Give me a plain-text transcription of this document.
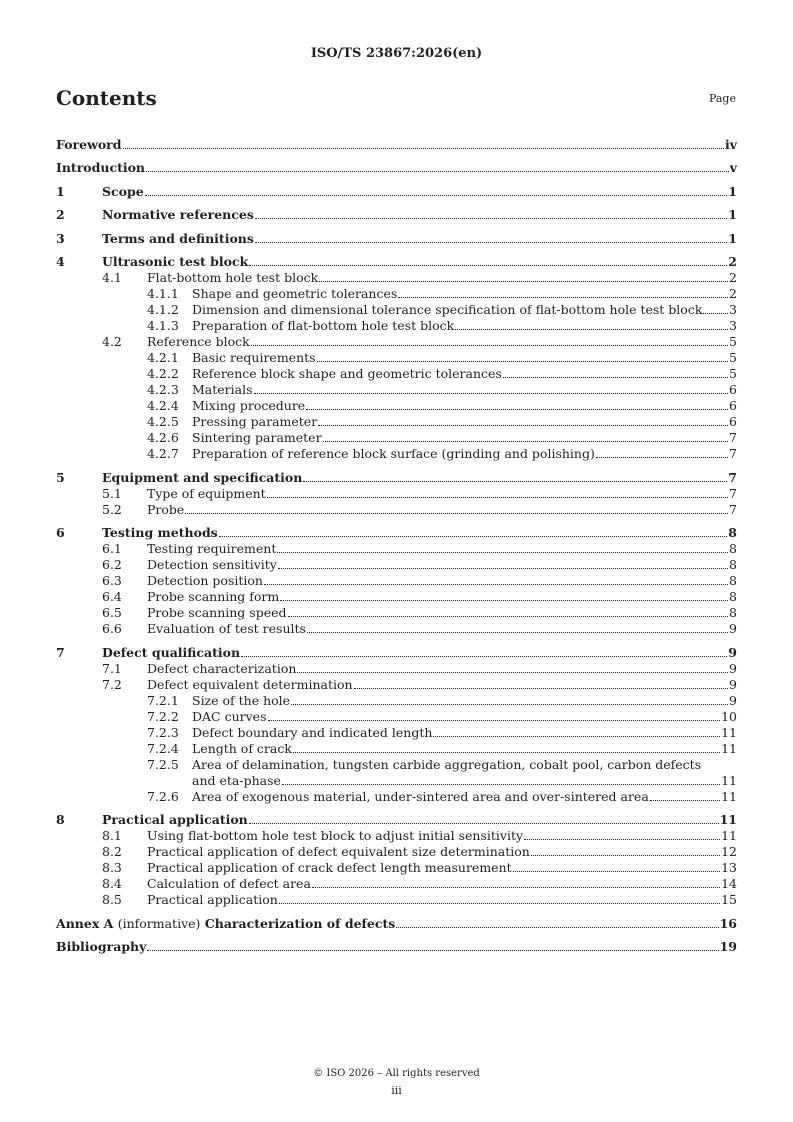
ISO/TS 23867:2026(en)
Contents	Page
Foreword	iv
Introduction	v
1	Scope	1
2	Normative references	1
3	Terms and definitions	1
4	Ultrasonic test block	2
4.1	Flat-bottom hole test block	2
4.1.1	Shape and geometric tolerances	2
4.1.2	Dimension and dimensional tolerance specification of flat-bottom hole test block 3
4.1.3	Preparation of flat-bottom hole test block	3
4.2	Reference block	5
4.2.1	Basic requirements	5
4.2.2	Reference block shape and geometric tolerances	5
4.2.3	Materials	6
4.2.4	Mixing procedure	6
4.2.5	Pressing parameter	6
4.2.6	Sintering parameter	7
4.2.7	Preparation of reference block surface (grinding and polishing)	7
5	Equipment and specification	7
5.1	Type of equipment	7
5.2	Probe	7
6	Testing methods	8
6.1	Testing requirement	8
6.2	Detection sensitivity	8
6.3	Detection position	8
6.4	Probe scanning form	8
6.5	Probe scanning speed	8
6.6	Evaluation of test results	9
7	Defect qualification	9
7.1	Defect characterization	9
7.2	Defect equivalent determination	9
7.2.1	Size of the hole	9
7.2.2	DAC curves	10
7.2.3	Defect boundary and indicated length	11
7.2.4	Length of crack	11
7.2.5	Area of delamination, tungsten carbide aggregation, cobalt pool, carbon defects
and eta-phase	11
7.2.6	Area of exogenous material, under-sintered area and over-sintered area	11
8	Practical application	11
8.1	Using flat-bottom hole test block to adjust initial sensitivity	11
8.2	Practical application of defect equivalent size determination	12
8.3	Practical application of crack defect length measurement	13
8.4	Calculation of defect area	14
8.5	Practical application	15
Annex A (informative) Characterization of defects	16
Bibliography	19
© ISO 2026 – All rights reserved
iii
